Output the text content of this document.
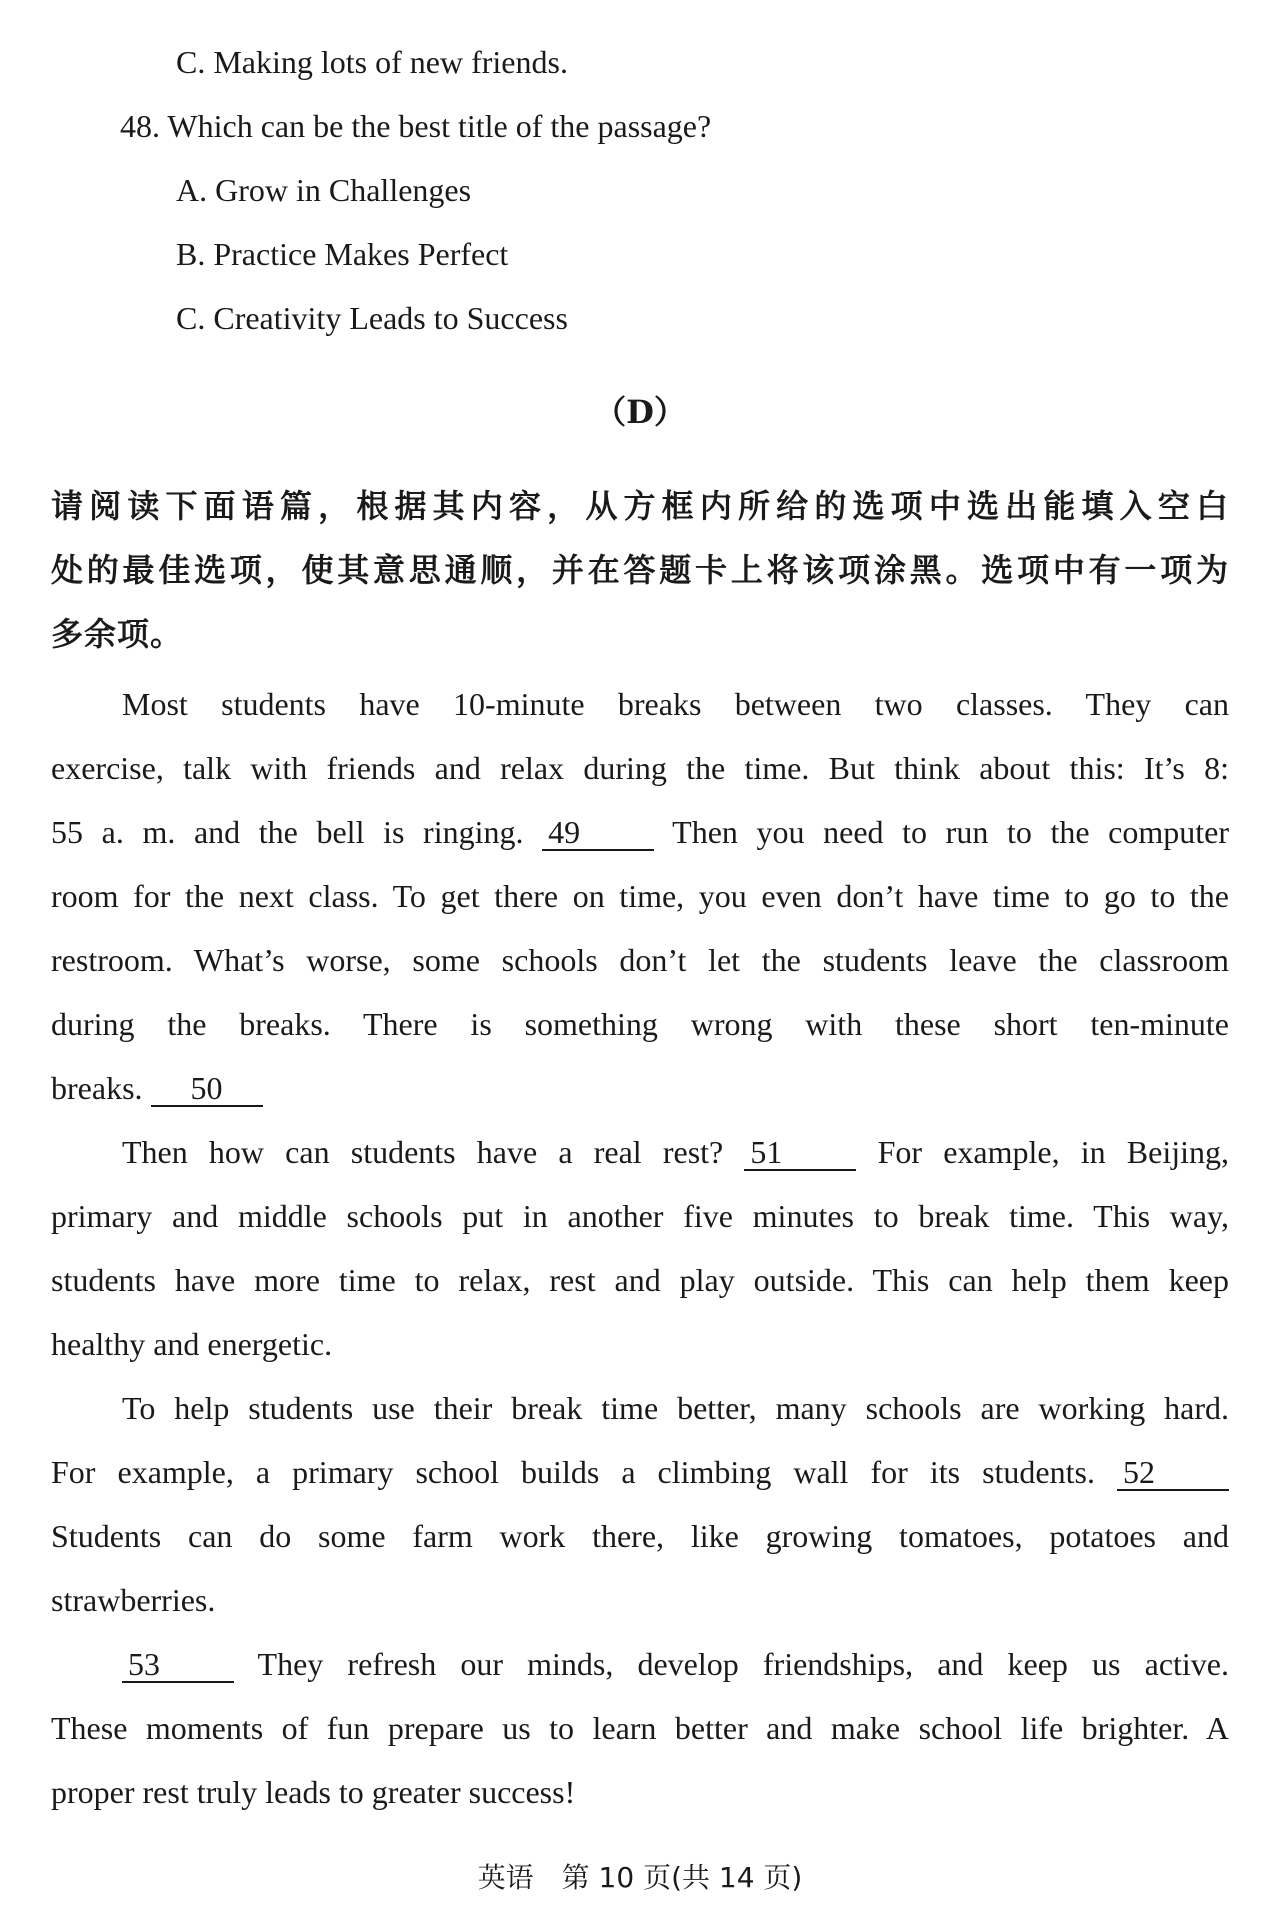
C. Making lots of new friends.
48. Which can be the best title of the passage?
A. Grow in Challenges
B. Practice Makes Perfect
C. Creativity Leads to Success
（D）
请阅读下面语篇，根据其内容，从方框内所给的选项中选出能填入空白
处的最佳选项，使其意思通顺，并在答题卡上将该项涂黑。选项中有一项为
多余项。
Most students have 10-minute breaks between two classes. They can
exercise, talk with friends and relax during the time. But think about this: It’s 8:
55 a. m. and the bell is ringing. 49	Then you need to run to the computer
room for the next class. To get there on time, you even don’t have time to go to the
restroom. What’s worse, some schools don’t let the students leave the classroom
during the breaks. There is something wrong with these short ten-minute
breaks. 50
Then how can students have a real rest? 51	For example, in Beijing,
primary and middle schools put in another five minutes to break time. This way,
students have more time to relax, rest and play outside. This can help them keep
healthy and energetic.
To help students use their break time better, many schools are working hard.
For example, a primary school builds a climbing wall for its students. 52
Students can do some farm work there, like growing tomatoes, potatoes and
strawberries.
53	They refresh our minds, develop friendships, and keep us active.
These moments of fun prepare us to learn better and make school life brighter. A
proper rest truly leads to greater success!
英语　第 10 页(共 14 页)
